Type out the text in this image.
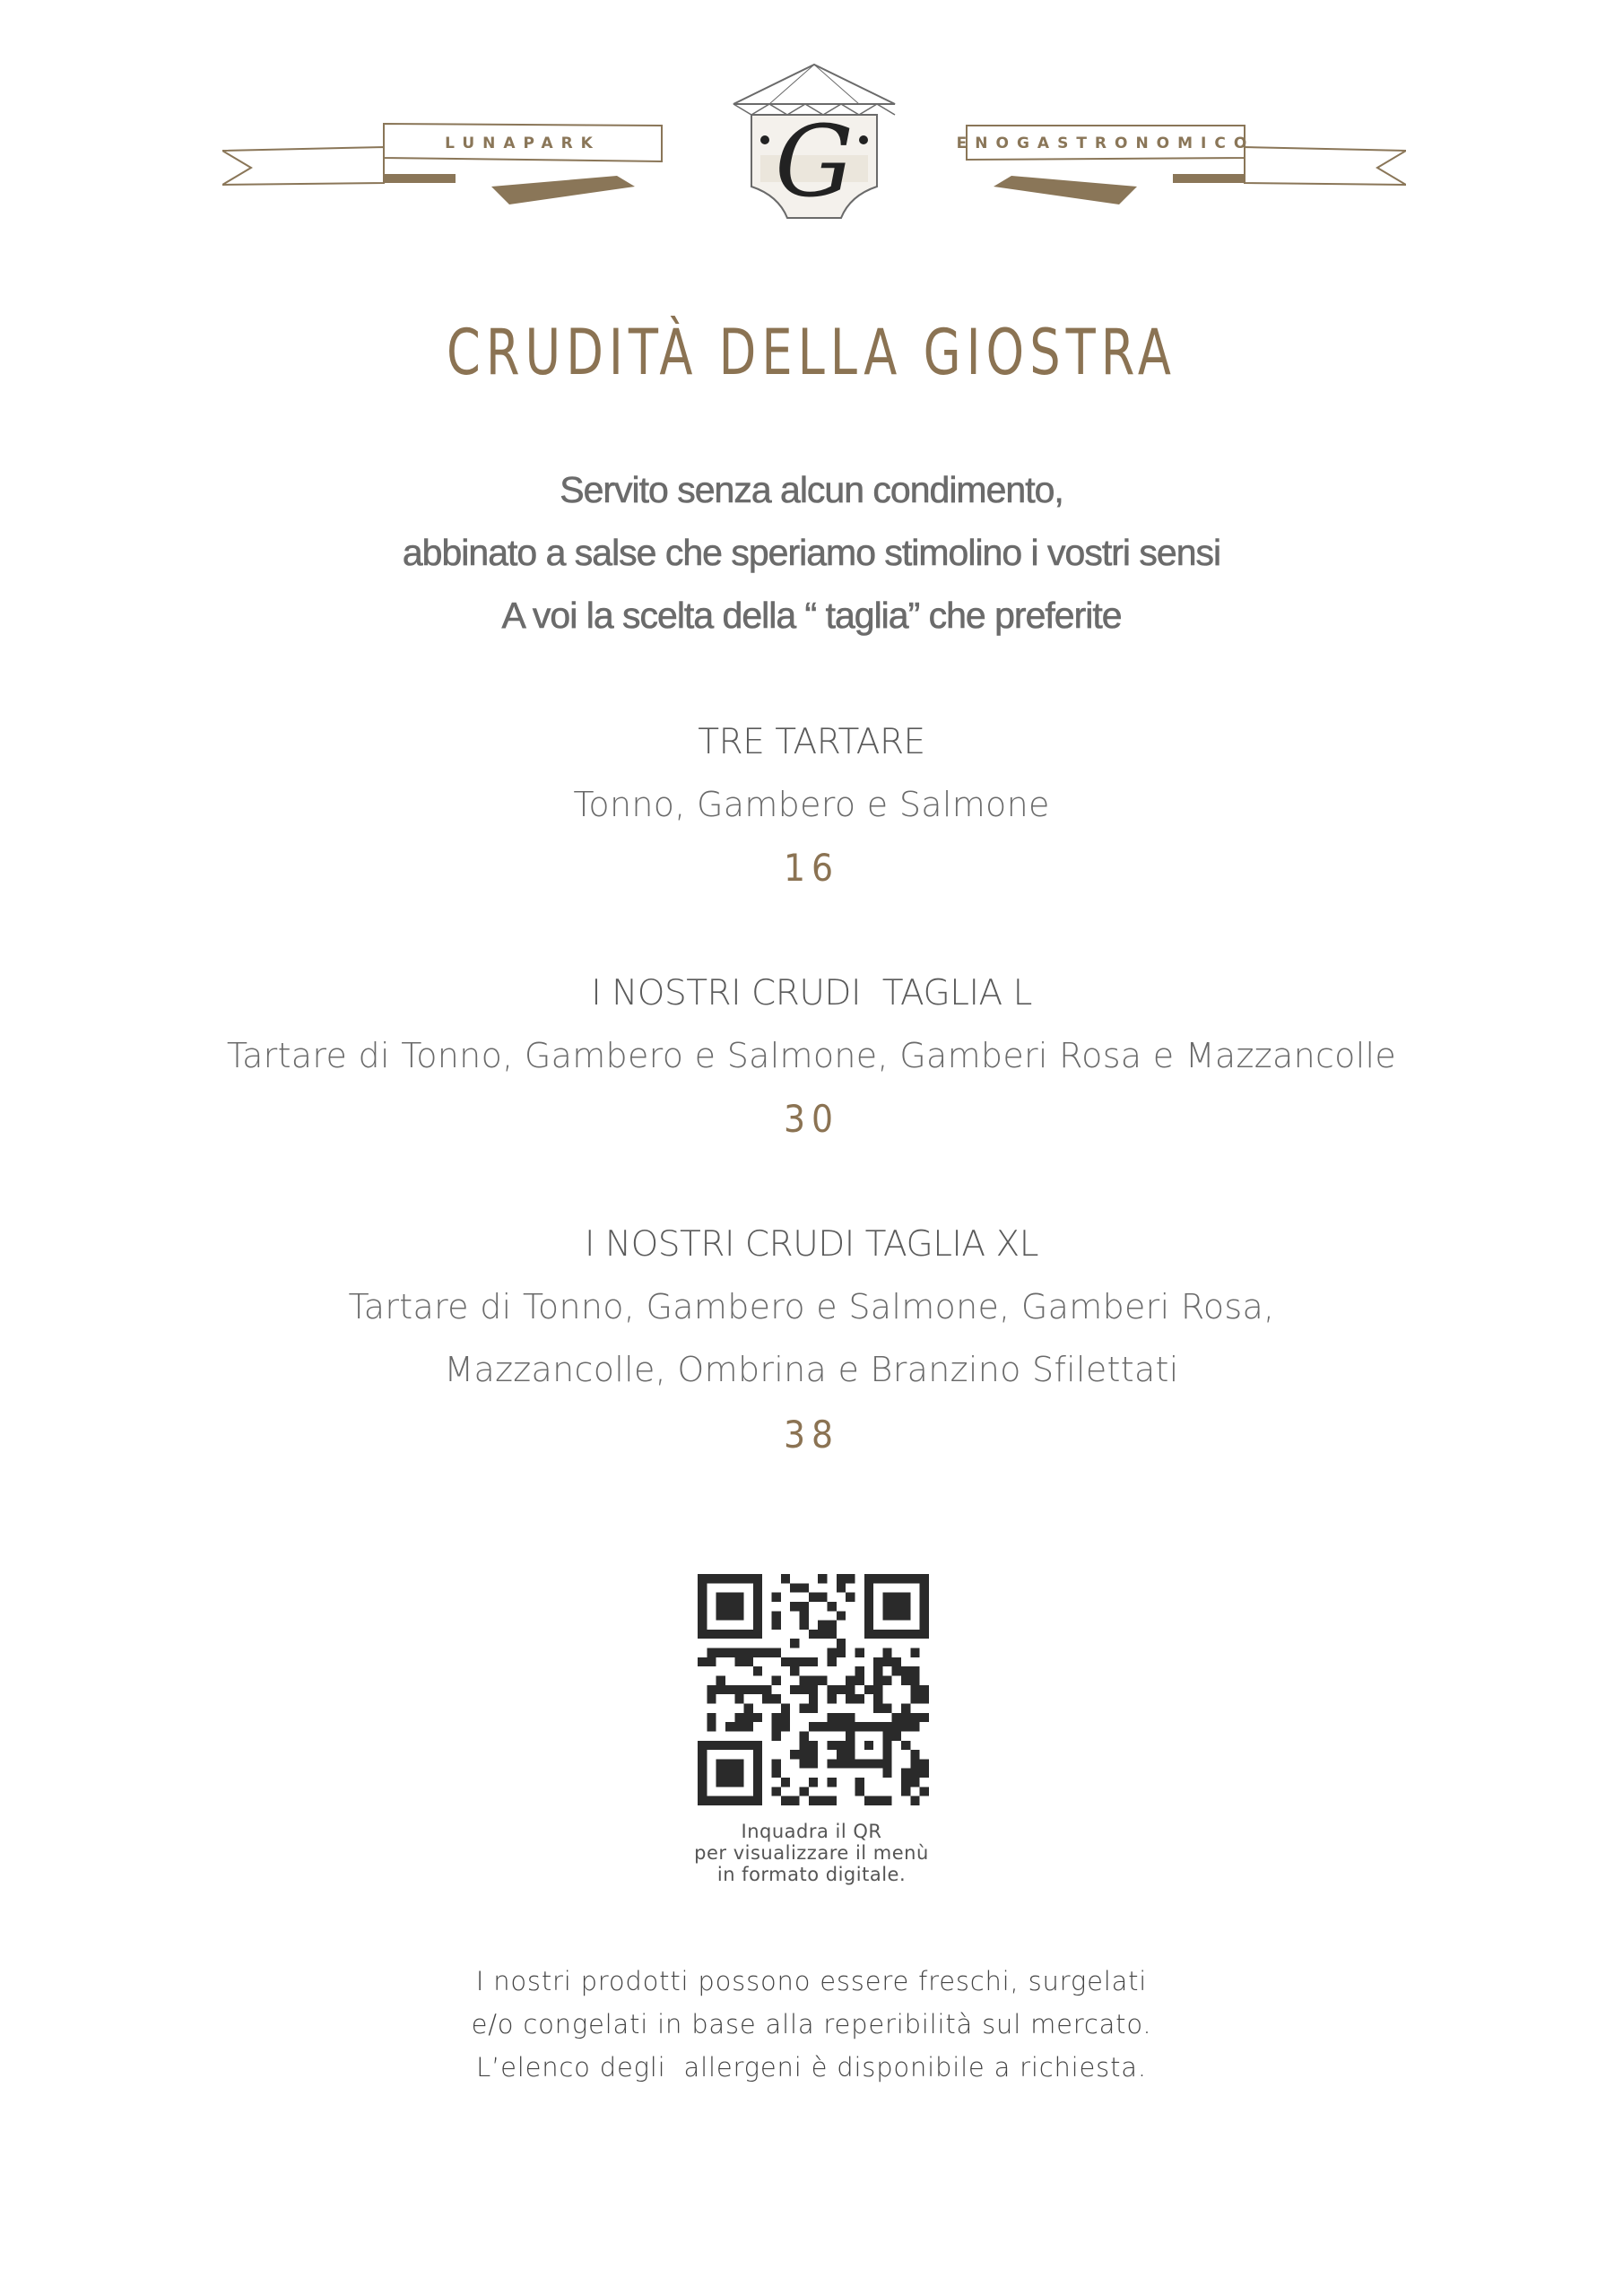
G
LUNAPARK	ENOGASTRONOMICO
CRUDITÀ DELLA GIOSTRA
Servito senza alcun condimento,
abbinato a salse che speriamo stimolino i vostri sensi
A voi la scelta della “ taglia” che preferite
TRE TARTARE
Tonno, Gambero e Salmone
16
I NOSTRI CRUDI  TAGLIA L
Tartare di Tonno, Gambero e Salmone, Gamberi Rosa e Mazzancolle
30
I NOSTRI CRUDI TAGLIA XL
Tartare di Tonno, Gambero e Salmone, Gamberi Rosa,
Mazzancolle, Ombrina e Branzino Sfilettati
38
Inquadra il QR
per visualizzare il menù
in formato digitale.
I nostri prodotti possono essere freschi, surgelati
e/o congelati in base alla reperibilità sul mercato.
L’elenco degli  allergeni è disponibile a richiesta.
